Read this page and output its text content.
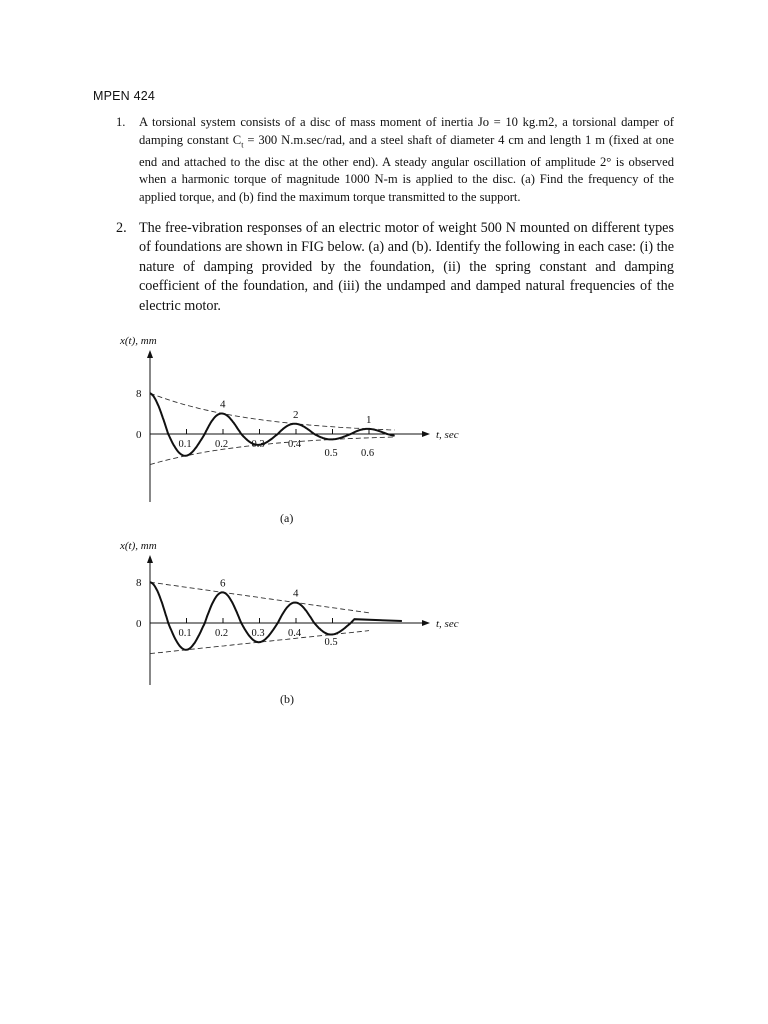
MPEN 424
1. A torsional system consists of a disc of mass moment of inertia Jo = 10 kg.m2, a torsional damper of damping constant $C_t = 300$ N.m.sec/rad, and a steel shaft of diameter 4 cm and length 1 m (fixed at one end and attached to the disc at the other end). A steady angular oscillation of amplitude 2° is observed when a harmonic torque of magnitude 1000 N-m is applied to the disc. (a) Find the frequency of the applied torque, and (b) find the maximum torque transmitted to the support.
2. The free-vibration responses of an electric motor of weight 500 N mounted on different types of foundations are shown in FIG below. (a) and (b). Identify the following in each case: (i) the nature of damping provided by the foundation, (ii) the spring constant and damping coefficient of the foundation, and (iii) the undamped and damped natural frequencies of the electric motor.
x(t), mm
t, sec
8
0
0.1 0.2 0.3 0.4
0.5 0.6
4
2	1
(a)
x(t), mm
t, sec
8
0
0.1 0.2 0.3 0.4
0.5
6
4
(b)
